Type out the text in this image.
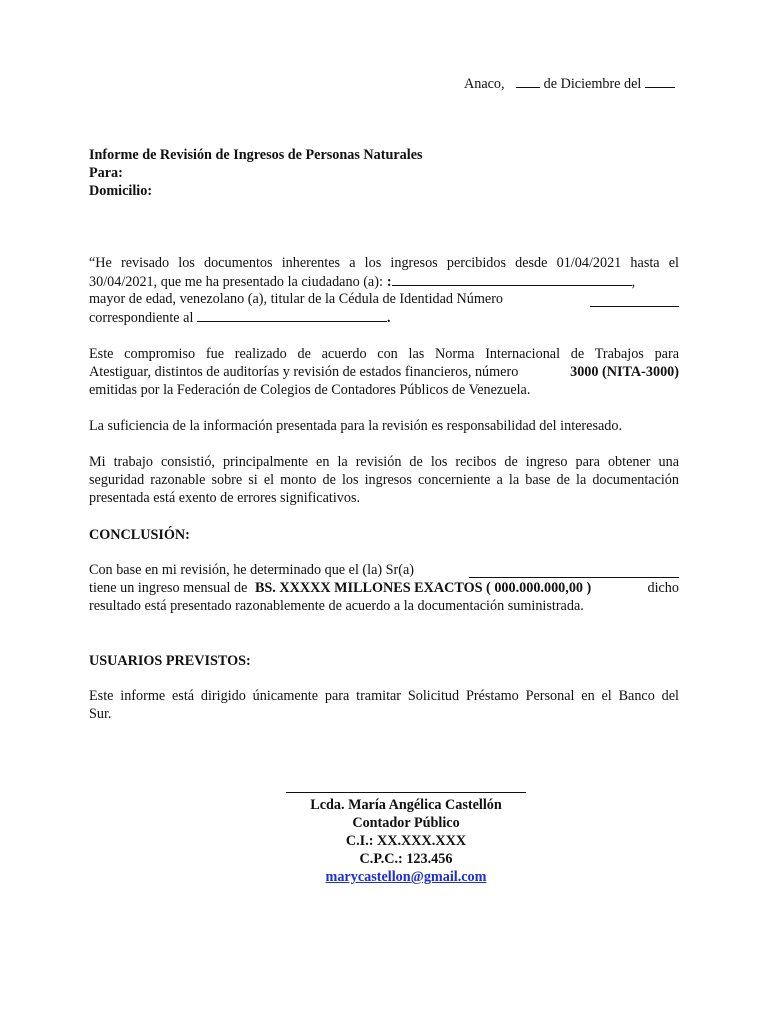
Anaco,	de Diciembre del
Informe de Revisión de Ingresos de Personas Naturales
Para:
Domicilio:
“He revisado los documentos inherentes a los ingresos percibidos desde 01/04/2021 hasta el
30/04/2021, que me ha presentado la ciudadano (a): :	,
mayor de edad, venezolano (a), titular de la Cédula de Identidad Número
correspondiente al	.
Este compromiso fue realizado de acuerdo con las Norma Internacional de Trabajos para
Atestiguar, distintos de auditorías y revisión de estados financieros, número	3000 (NITA-3000)
emitidas por la Federación de Colegios de Contadores Públicos de Venezuela.
La suficiencia de la información presentada para la revisión es responsabilidad del interesado.
Mi trabajo consistió, principalmente en la revisión de los recibos de ingreso para obtener una
seguridad razonable sobre si el monto de los ingresos concerniente a la base de la documentación
presentada está exento de errores significativos.
CONCLUSIÓN:
Con base en mi revisión, he determinado que el (la) Sr(a)
tiene un ingreso mensual de BS. XXXXX MILLONES EXACTOS ( 000.000.000,00 )	dicho
resultado está presentado razonablemente de acuerdo a la documentación suministrada.
USUARIOS PREVISTOS:
Este informe está dirigido únicamente para tramitar Solicitud Préstamo Personal en el Banco del
Sur.
Lcda. María Angélica Castellón
Contador Público
C.I.: XX.XXX.XXX
C.P.C.: 123.456
marycastellon@gmail.com
